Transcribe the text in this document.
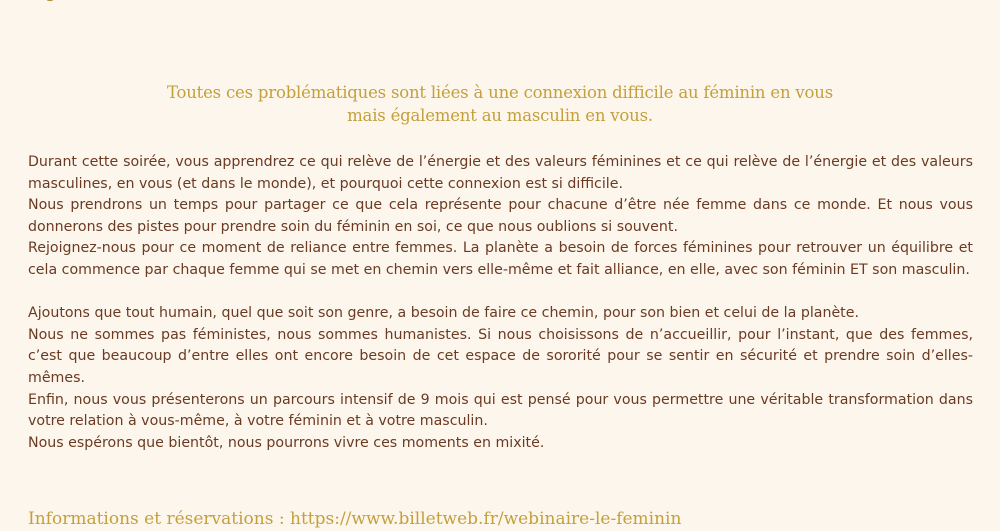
Toutes ces problématiques sont liées à une connexion difficile au féminin en vous
mais également au masculin en vous.

Durant cette soirée, vous apprendrez ce qui relève de l’énergie et des valeurs féminines et ce qui relève de l’énergie et des valeurs masculines, en vous (et dans le monde), et pourquoi cette connexion est si difficile.

Nous prendrons un temps pour partager ce que cela représente pour chacune d’être née femme dans ce monde. Et nous vous donnerons des pistes pour prendre soin du féminin en soi, ce que nous oublions si souvent.

Rejoignez-nous pour ce moment de reliance entre femmes. La planète a besoin de forces féminines pour retrouver un équilibre et cela commence par chaque femme qui se met en chemin vers elle-même et fait alliance, en elle, avec son féminin ET son masculin.

Ajoutons que tout humain, quel que soit son genre, a besoin de faire ce chemin, pour son bien et celui de la planète.

Nous ne sommes pas féministes, nous sommes humanistes. Si nous choisissons de n’accueillir, pour l’instant, que des femmes, c’est que beaucoup d’entre elles ont encore besoin de cet espace de sororité pour se sentir en sécurité et prendre soin d’elles-mêmes.

Enfin, nous vous présenterons un parcours intensif de 9 mois qui est pensé pour vous permettre une véritable transformation dans votre relation à vous-même, à votre féminin et à votre masculin.

Nous espérons que bientôt, nous pourrons vivre ces moments en mixité.

Informations et réservations : https://www.billetweb.fr/webinaire-le-feminin
